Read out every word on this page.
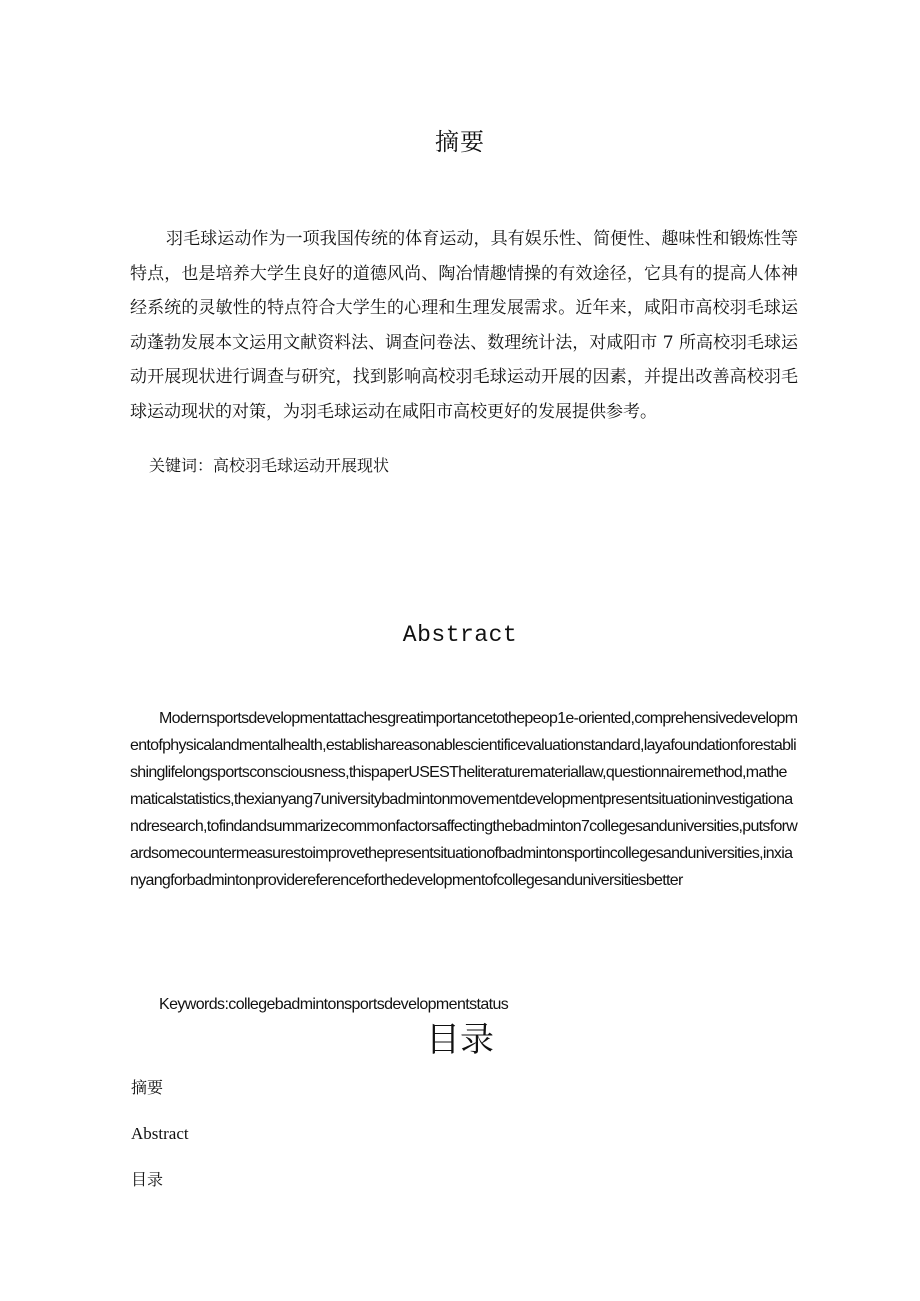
摘要
羽毛球运动作为一项我国传统的体育运动，具有娱乐性、简便性、趣味性和锻炼性等特点，也是培养大学生良好的道德风尚、陶冶情趣情操的有效途径，它具有的提高人体神经系统的灵敏性的特点符合大学生的心理和生理发展需求。近年来，咸阳市高校羽毛球运动蓬勃发展本文运用文献资料法、调查问卷法、数理统计法，对咸阳市 7 所高校羽毛球运动开展现状进行调查与研究，找到影响高校羽毛球运动开展的因素，并提出改善高校羽毛球运动现状的对策，为羽毛球运动在咸阳市高校更好的发展提供参考。
关键词：高校羽毛球运动开展现状
Abstract
Modernsportsdevelopmentattachesgreatimportancetothepeop1e-oriented,comprehensivedevelopmentofphysicalandmentalhealth,establishareasonablescientificevaluationstandard,layafoundationforestablishinglifelongsportsconsciousness,thispaperUSESTheliteraturemateriallaw,questionnairemethod,mathematicalstatistics,thexianyang7universitybadmintonmovementdevelopmentpresentsituationinvestigationandresearch,tofindandsummarizecommonfactorsaffectingthebadminton7collegesanduniversities,putsforwardsomecountermeasurestoimprovethepresentsituationofbadmintonsportincollegesanduniversities,inxianyangforbadmintonprovidereferenceforthedevelopmentofcollegesanduniversitiesbetter
Keywords:collegebadmintonsportsdevelopmentstatus
目录
摘要
Abstract
目录
